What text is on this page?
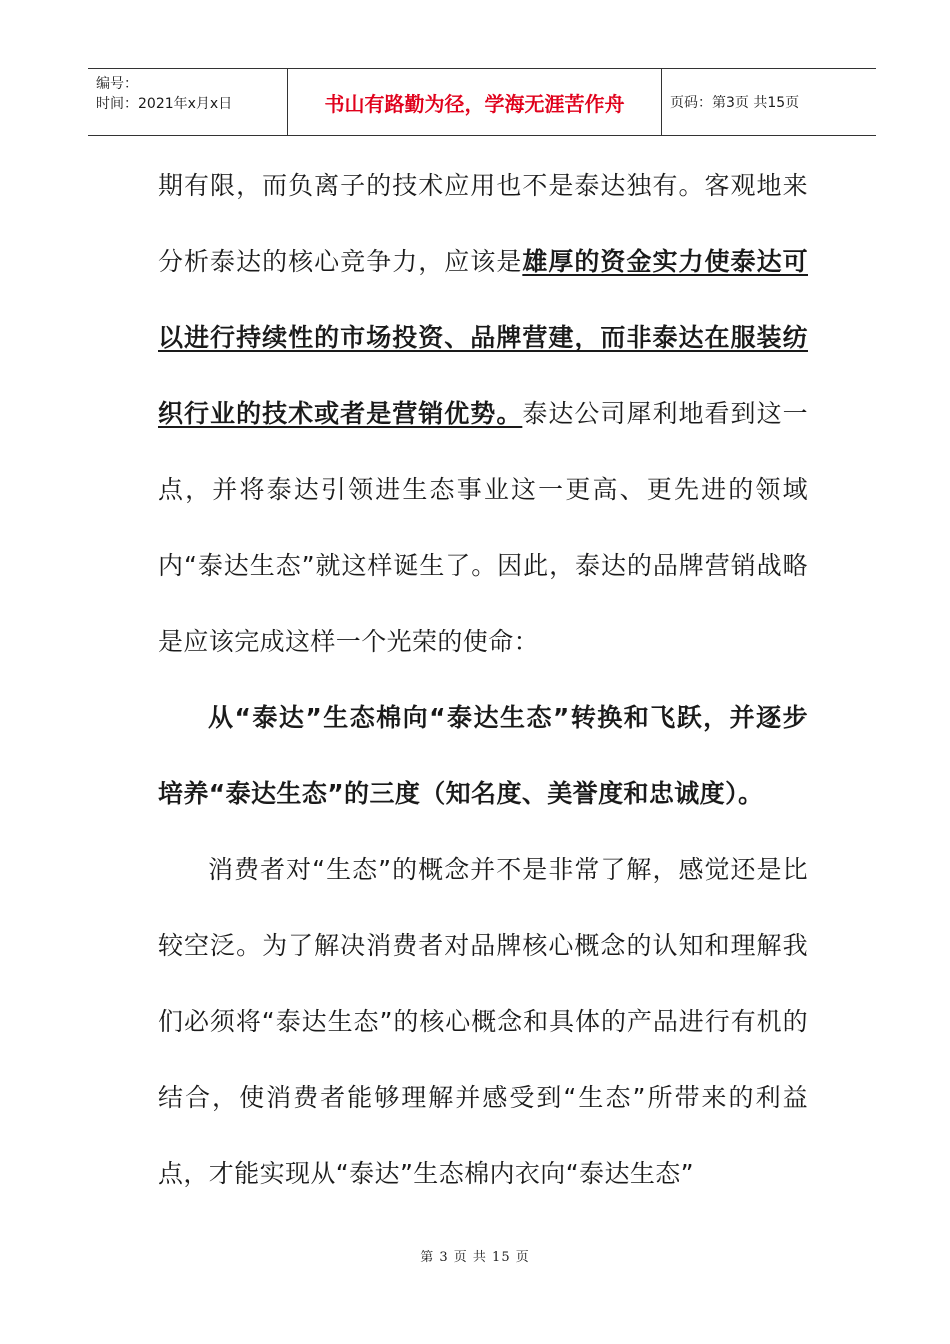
编号：
时间：2021年x月x日	书山有路勤为径，学海无涯苦作舟	页码：第3页 共15页

期有限，而负离子的技术应用也不是泰达独有。客观地来分析泰达的核心竞争力，应该是雄厚的资金实力使泰达可以进行持续性的市场投资、品牌营建，而非泰达在服装纺织行业的技术或者是营销优势。泰达公司犀利地看到这一点，并将泰达引领进生态事业这一更高、更先进的领域内“泰达生态”就这样诞生了。因此，泰达的品牌营销战略是应该完成这样一个光荣的使命：

从“泰达”生态棉向“泰达生态”转换和飞跃，并逐步培养“泰达生态”的三度（知名度、美誉度和忠诚度）。

消费者对“生态”的概念并不是非常了解，感觉还是比较空泛。为了解决消费者对品牌核心概念的认知和理解我们必须将“泰达生态”的核心概念和具体的产品进行有机的结合，使消费者能够理解并感受到“生态”所带来的利益点，才能实现从“泰达”生态棉内衣向“泰达生态”

第 3 页 共 15 页
